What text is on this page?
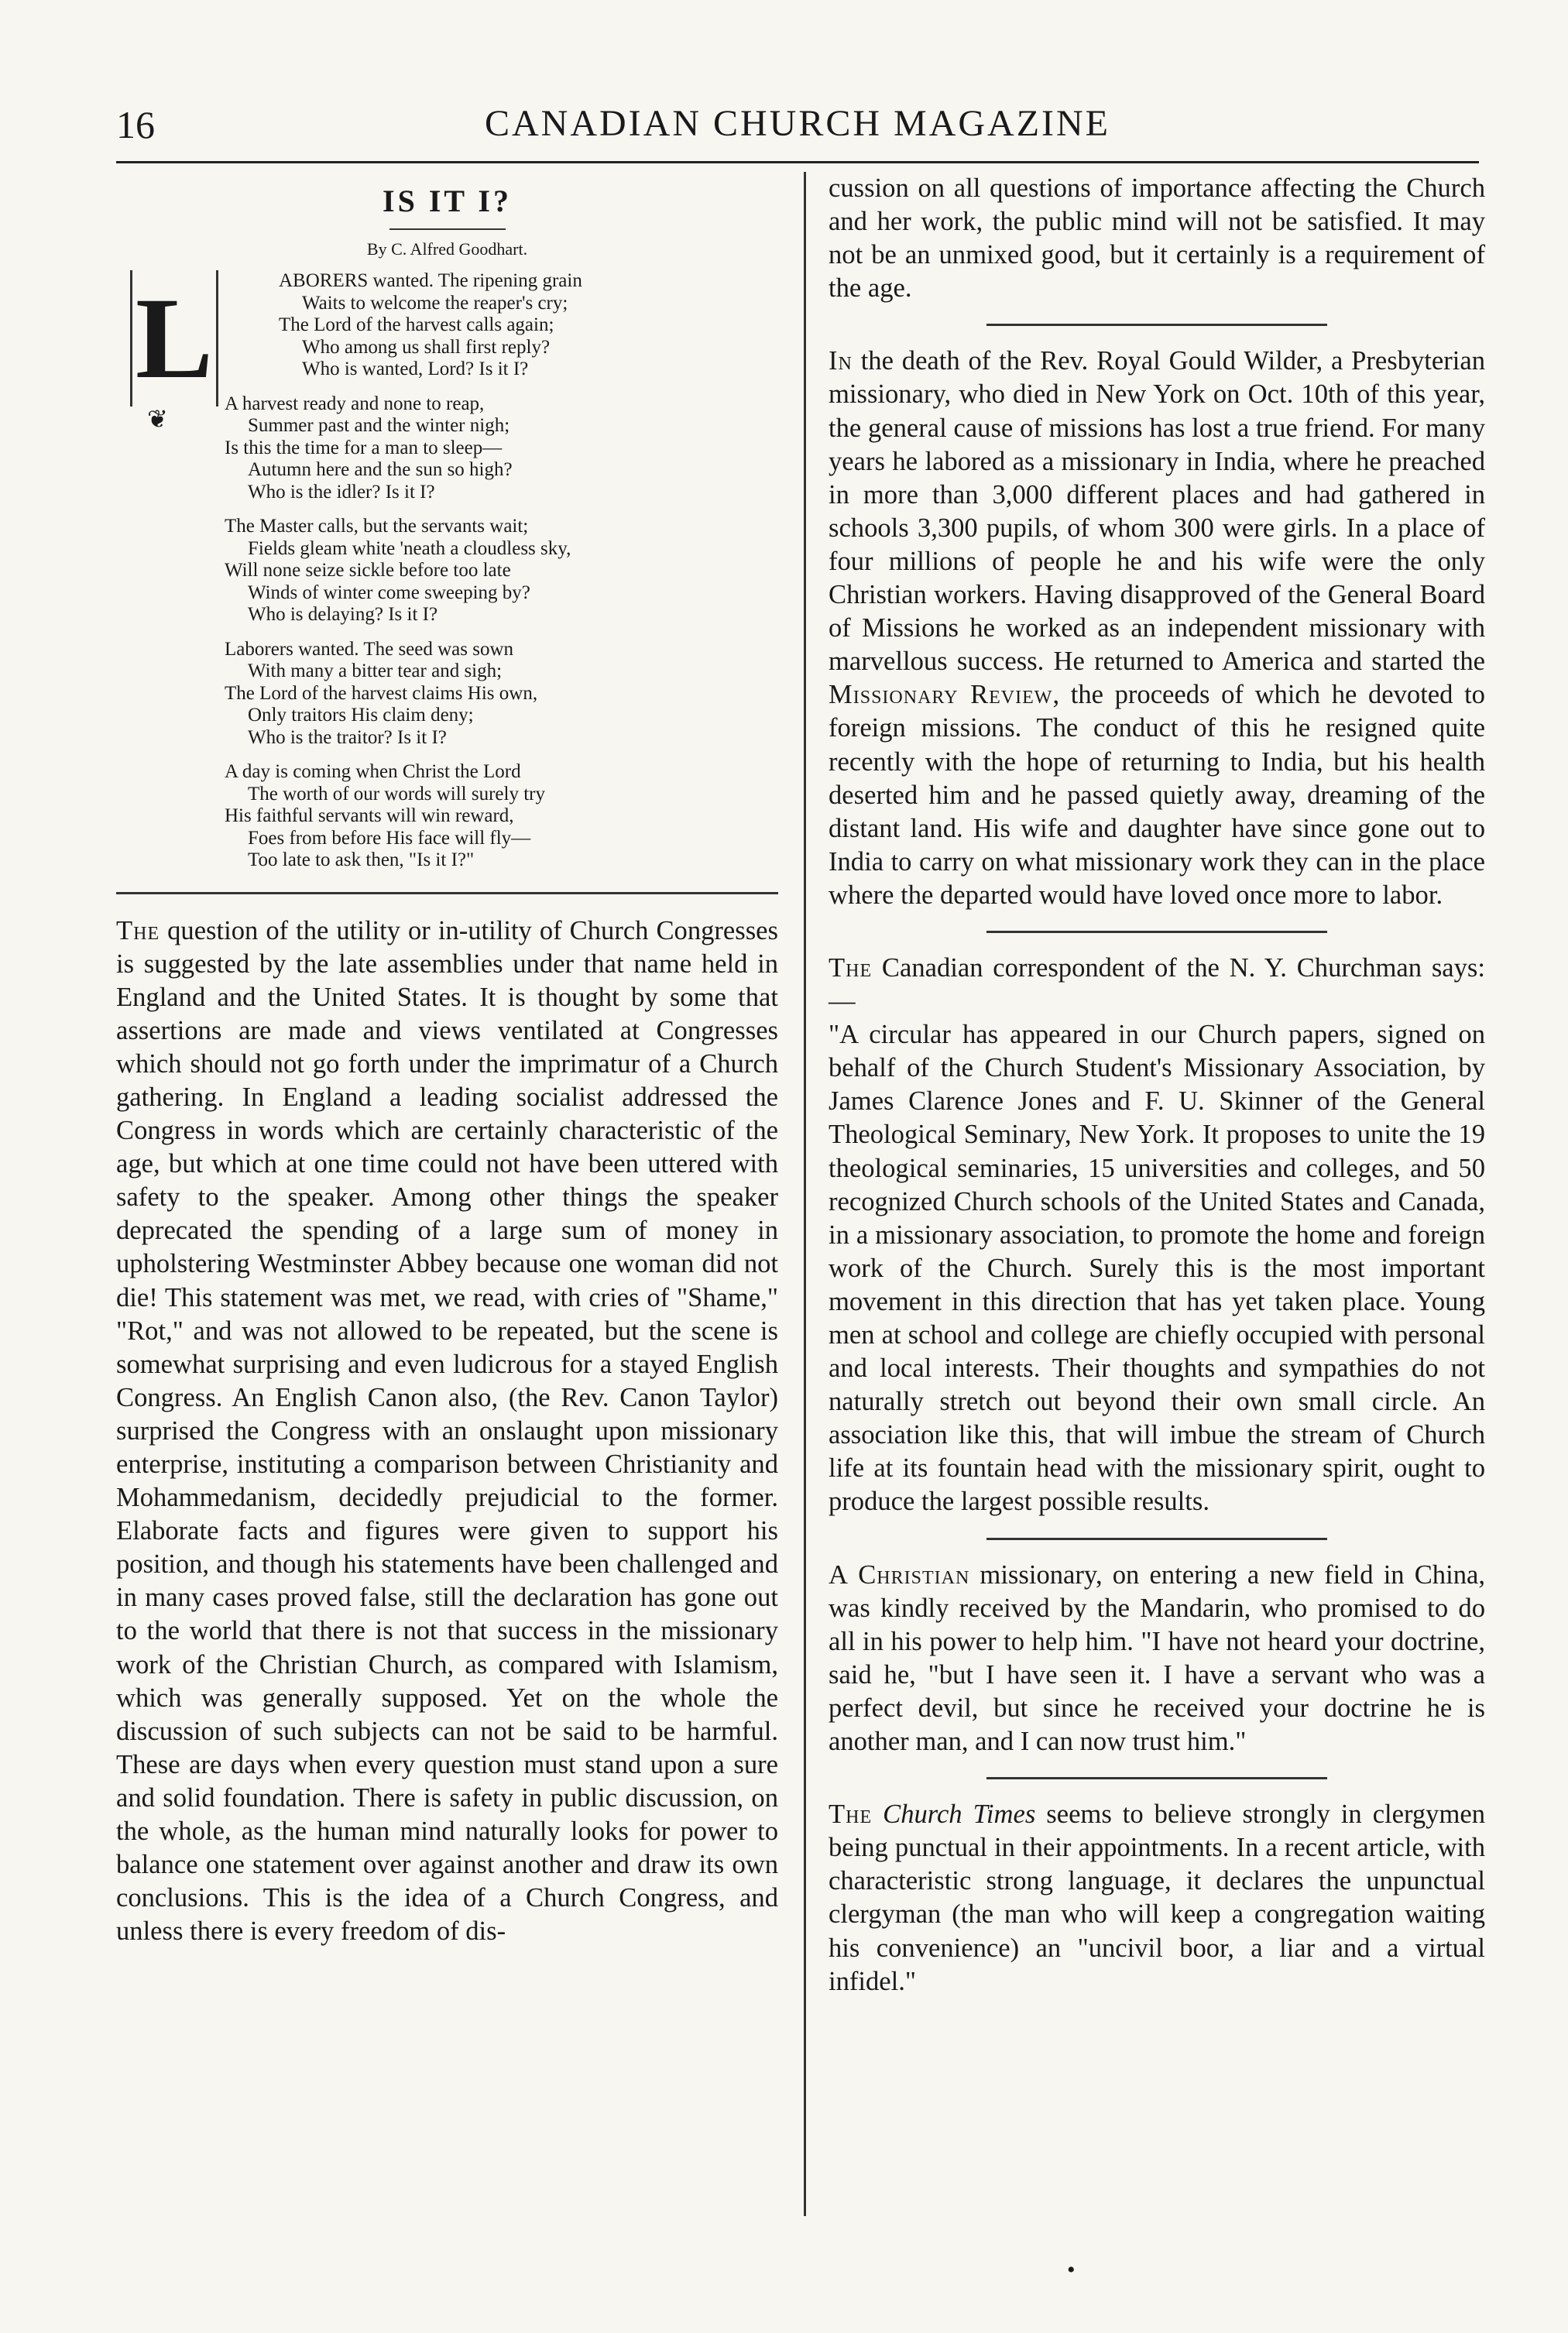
16	CANADIAN CHURCH MAGAZINE
IS IT I?

By C. Alfred Goodhart.

L
❦
ABORERS wanted. The ripening grain
Waits to welcome the reaper's cry;
The Lord of the harvest calls again;
Who among us shall first reply?
Who is wanted, Lord? Is it I?
A harvest ready and none to reap,
Summer past and the winter nigh;
Is this the time for a man to sleep—
Autumn here and the sun so high?
Who is the idler? Is it I?
The Master calls, but the servants wait;
Fields gleam white 'neath a cloudless sky,
Will none seize sickle before too late
Winds of winter come sweeping by?
Who is delaying? Is it I?
Laborers wanted. The seed was sown
With many a bitter tear and sigh;
The Lord of the harvest claims His own,
Only traitors His claim deny;
Who is the traitor? Is it I?
A day is coming when Christ the Lord
The worth of our words will surely try
His faithful servants will win reward,
Foes from before His face will fly—
Too late to ask then, "Is it I?"

The question of the utility or in-utility of Church Congresses is suggested by the late assemblies under that name held in England and the United States. It is thought by some that assertions are made and views ventilated at Congresses which should not go forth under the imprimatur of a Church gathering. In England a leading socialist addressed the Congress in words which are certainly characteristic of the age, but which at one time could not have been uttered with safety to the speaker. Among other things the speaker deprecated the spending of a large sum of money in upholstering Westminster Abbey because one woman did not die! This statement was met, we read, with cries of "Shame," "Rot," and was not allowed to be repeated, but the scene is somewhat surprising and even ludicrous for a stayed English Congress. An English Canon also, (the Rev. Canon Taylor) surprised the Congress with an onslaught upon missionary enterprise, instituting a comparison between Christianity and Mohammedanism, decidedly prejudicial to the former. Elaborate facts and figures were given to support his position, and though his statements have been challenged and in many cases proved false, still the declaration has gone out to the world that there is not that success in the missionary work of the Christian Church, as compared with Islamism, which was generally supposed. Yet on the whole the discussion of such subjects can not be said to be harmful. These are days when every question must stand upon a sure and solid foundation. There is safety in public discussion, on the whole, as the human mind naturally looks for power to balance one statement over against another and draw its own conclusions. This is the idea of a Church Congress, and unless there is every freedom of dis-

cussion on all questions of importance affecting the Church and her work, the public mind will not be satisfied. It may not be an unmixed good, but it certainly is a requirement of the age.

In the death of the Rev. Royal Gould Wilder, a Presbyterian missionary, who died in New York on Oct. 10th of this year, the general cause of missions has lost a true friend. For many years he labored as a missionary in India, where he preached in more than 3,000 different places and had gathered in schools 3,300 pupils, of whom 300 were girls. In a place of four millions of people he and his wife were the only Christian workers. Having disapproved of the General Board of Missions he worked as an independent missionary with marvellous success. He returned to America and started the Missionary Review, the proceeds of which he devoted to foreign missions. The conduct of this he resigned quite recently with the hope of returning to India, but his health deserted him and he passed quietly away, dreaming of the distant land. His wife and daughter have since gone out to India to carry on what missionary work they can in the place where the departed would have loved once more to labor.

The Canadian correspondent of the N. Y. Churchman says:—

"A circular has appeared in our Church papers, signed on behalf of the Church Student's Missionary Association, by James Clarence Jones and F. U. Skinner of the General Theological Seminary, New York. It proposes to unite the 19 theological seminaries, 15 universities and colleges, and 50 recognized Church schools of the United States and Canada, in a missionary association, to promote the home and foreign work of the Church. Surely this is the most important movement in this direction that has yet taken place. Young men at school and college are chiefly occupied with personal and local interests. Their thoughts and sympathies do not naturally stretch out beyond their own small circle. An association like this, that will imbue the stream of Church life at its fountain head with the missionary spirit, ought to produce the largest possible results.

A Christian missionary, on entering a new field in China, was kindly received by the Mandarin, who promised to do all in his power to help him. "I have not heard your doctrine, said he, "but I have seen it. I have a servant who was a perfect devil, but since he received your doctrine he is another man, and I can now trust him."

The Church Times seems to believe strongly in clergymen being punctual in their appointments. In a recent article, with characteristic strong language, it declares the unpunctual clergyman (the man who will keep a congregation waiting his convenience) an "uncivil boor, a liar and a virtual infidel."

•
